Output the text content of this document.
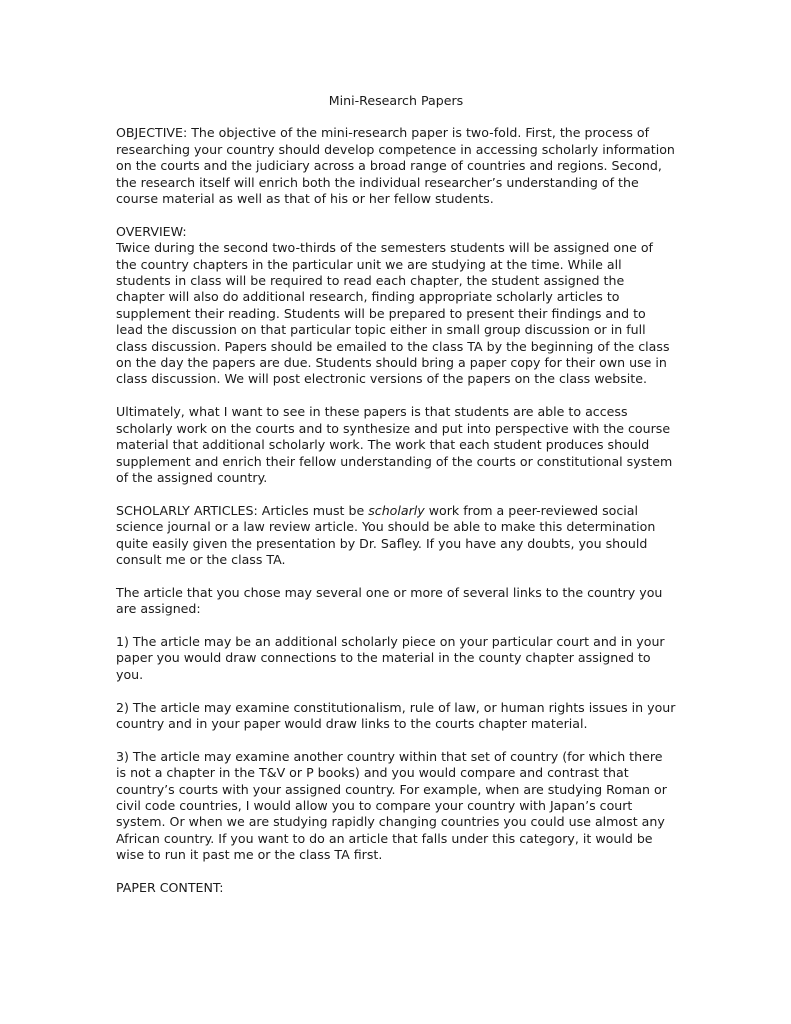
Mini-Research Papers

OBJECTIVE: The objective of the mini-research paper is two-fold. First, the process of researching your country should develop competence in accessing scholarly information on the courts and the judiciary across a broad range of countries and regions. Second, the research itself will enrich both the individual researcher’s understanding of the course material as well as that of his or her fellow students.

OVERVIEW:

Twice during the second two-thirds of the semesters students will be assigned one of the country chapters in the particular unit we are studying at the time. While all students in class will be required to read each chapter, the student assigned the chapter will also do additional research, finding appropriate scholarly articles to supplement their reading. Students will be prepared to present their findings and to lead the discussion on that particular topic either in small group discussion or in full class discussion. Papers should be emailed to the class TA by the beginning of the class on the day the papers are due. Students should bring a paper copy for their own use in class discussion. We will post electronic versions of the papers on the class website.

Ultimately, what I want to see in these papers is that students are able to access scholarly work on the courts and to synthesize and put into perspective with the course material that additional scholarly work. The work that each student produces should supplement and enrich their fellow understanding of the courts or constitutional system of the assigned country.

SCHOLARLY ARTICLES: Articles must be scholarly work from a peer-reviewed social science journal or a law review article. You should be able to make this determination quite easily given the presentation by Dr. Safley. If you have any doubts, you should consult me or the class TA.

The article that you chose may several one or more of several links to the country you are assigned:

1) The article may be an additional scholarly piece on your particular court and in your paper you would draw connections to the material in the county chapter assigned to you.

2) The article may examine constitutionalism, rule of law, or human rights issues in your country and in your paper would draw links to the courts chapter material.

3) The article may examine another country within that set of country (for which there is not a chapter in the T&V or P books) and you would compare and contrast that country’s courts with your assigned country. For example, when are studying Roman or civil code countries, I would allow you to compare your country with Japan’s court system. Or when we are studying rapidly changing countries you could use almost any African country. If you want to do an article that falls under this category, it would be wise to run it past me or the class TA first.

PAPER CONTENT:
